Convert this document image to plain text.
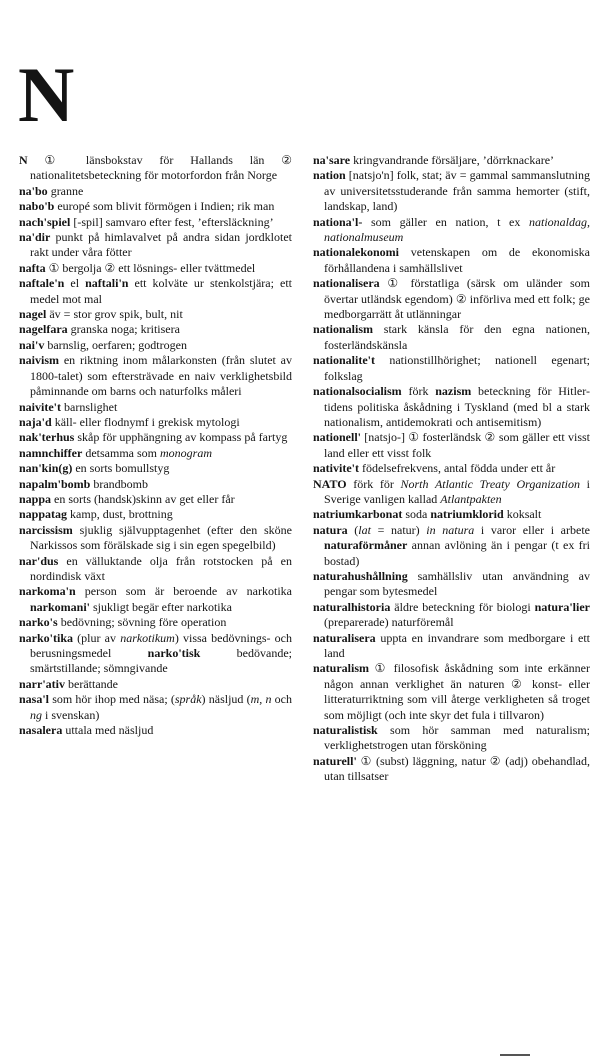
N

N ① länsbokstav för Hallands län ② nationalitetsbeteckning för motorfordon från Norge

na'bo granne

nabo'b europé som blivit förmögen i Indien; rik man

nach'spiel [-spil] samvaro efter fest, ’eftersläckning’

na'dir punkt på himlavalvet på andra sidan jordklotet rakt under våra fötter

nafta ① bergolja ② ett lösnings- eller tvättmedel

naftale'n el naftali'n ett kolväte ur stenkolstjära; ett medel mot mal

nagel äv = stor grov spik, bult, nit

nagelfara granska noga; kritisera

nai'v barnslig, oerfaren; godtrogen

naivism en riktning inom målarkonsten (från slutet av 1800-talet) som eftersträvade en naiv verklighetsbild påminnande om barns och naturfolks måleri

naivite't barnslighet

naja'd käll- eller flodnymf i grekisk mytologi

nak'terhus skåp för upphängning av kompass på fartyg

namnchiffer detsamma som monogram

nan'kin(g) en sorts bomullstyg

napalm'bomb brandbomb

nappa en sorts (handsk)skinn av get eller får

nappatag kamp, dust, brottning

narcissism sjuklig självupptagenhet (efter den sköne Narkissos som förälskade sig i sin egen spegelbild)

nar'dus en välluktande olja från rotstocken på en nordindisk växt

narkoma'n person som är beroende av narkotika narkomani' sjukligt begär efter narkotika

narko's bedövning; sövning före operation

narko'tika (plur av narkotikum) vissa bedövnings- och berusningsmedel narko'tisk bedövande; smärtstillande; sömngivande

narr'ativ berättande

nasa'l som hör ihop med näsa; (språk) näsljud (m, n och ng i svenskan)

nasalera uttala med näsljud

na'sare kringvandrande försäljare, ’dörrknackare’

nation [natsjo'n] folk, stat; äv = gammal sammanslutning av universitetsstuderande från samma hemorter (stift, landskap, land)

nationa'l- som gäller en nation, t ex nationaldag, nationalmuseum

nationalekonomi vetenskapen om de ekonomiska förhållandena i samhällslivet

nationalisera ① förstatliga (särsk om uländer som övertar utländsk egendom) ② införliva med ett folk; ge medborgarrätt åt utlänningar

nationalism stark känsla för den egna nationen, fosterländskänsla

nationalite't nationstillhörighet; nationell egenart; folkslag

nationalsocialism förk nazism beteckning för Hitler-tidens politiska åskådning i Tyskland (med bl a stark nationalism, antidemokrati och antisemitism)

nationell' [natsjo-] ① fosterländsk ② som gäller ett visst land eller ett visst folk

nativite't födelsefrekvens, antal födda under ett år

NATO förk för North Atlantic Treaty Organization i Sverige vanligen kallad Atlantpakten

natriumkarbonat soda natriumklorid koksalt

natura (lat = natur) in natura i varor eller i arbete naturaförmåner annan avlöning än i pengar (t ex fri bostad)

naturahushållning samhällsliv utan användning av pengar som bytesmedel

naturalhistoria äldre beteckning för biologi natura'lier (preparerade) naturföremål

naturalisera uppta en invandrare som medborgare i ett land

naturalism ① filosofisk åskådning som inte erkänner någon annan verklighet än naturen ② konst- eller litteraturriktning som vill återge verkligheten så troget som möjligt (och inte skyr det fula i tillvaron)

naturalistisk som hör samman med naturalism; verklighetstrogen utan försköning

naturell' ① (subst) läggning, natur ② (adj) obehandlad, utan tillsatser
